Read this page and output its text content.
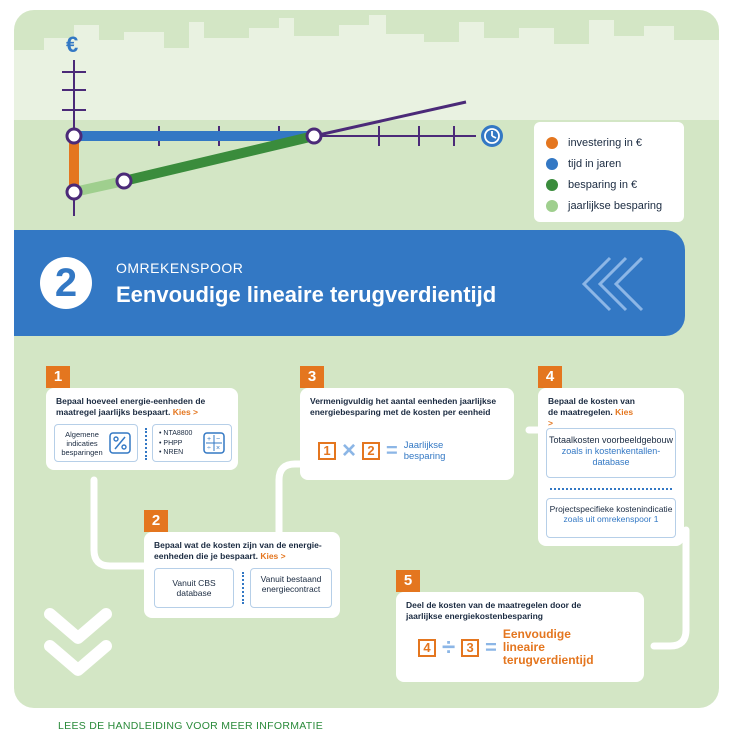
€
investering in €
tijd in jaren
besparing in €
jaarlijkse besparing
2	OMREKENSPOOR
Eenvoudige lineaire terugverdientijd
1
Bepaal hoeveel energie-eenheden de maatregel jaarlijks bespaart. Kies >
Algemene indicaties besparingen
• NTA8800
• PHPP
• NREN
+ −
÷ ×
2
Bepaal wat de kosten zijn van de energie-eenheden die je bespaart. Kies >
Vanuit CBS database
Vanuit bestaand energiecontract
3
Vermenigvuldig het aantal eenheden jaarlijkse energiebesparing met de kosten per eenheid
1 × 2 = Jaarlijkse besparing
4
Bepaal de kosten van de maatregelen. Kies >
Totaalkosten voorbeeldgebouw
zoals in kostenkentallen-database
Projectspecifieke kostenindicatie
zoals uit omrekenspoor 1
5
Deel de kosten van de maatregelen door de jaarlijkse energiekostenbesparing
4 ÷ 3 =
Eenvoudige lineaire terugverdientijd
LEES DE HANDLEIDING VOOR MEER INFORMATIE
